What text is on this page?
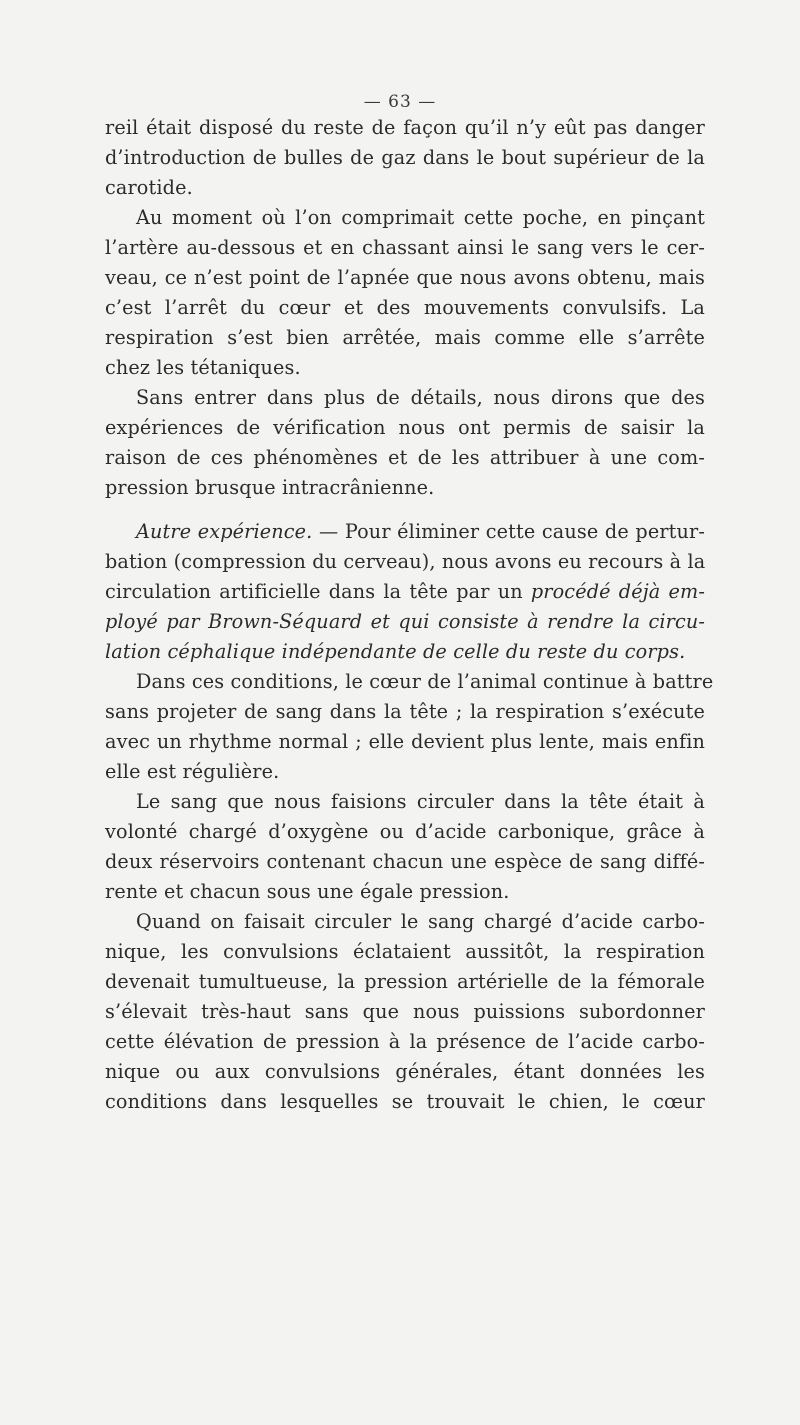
— 63 —
reil était disposé du reste de façon qu’il n’y eût pas danger
d’introduction de bulles de gaz dans le bout supérieur de la
carotide.
Au moment où l’on comprimait cette poche, en pinçant
l’artère au-dessous et en chassant ainsi le sang vers le cer-
veau, ce n’est point de l’apnée que nous avons obtenu, mais
c’est l’arrêt du cœur et des mouvements convulsifs. La
respiration s’est bien arrêtée, mais comme elle s’arrête
chez les tétaniques.
Sans entrer dans plus de détails, nous dirons que des
expériences de vérification nous ont permis de saisir la
raison de ces phénomènes et de les attribuer à une com-
pression brusque intracrânienne.
Autre expérience. — Pour éliminer cette cause de pertur-
bation (compression du cerveau), nous avons eu recours à la
circulation artificielle dans la tête par un procédé déjà em-
ployé par Brown-Séquard et qui consiste à rendre la circu-
lation céphalique indépendante de celle du reste du corps.
Dans ces conditions, le cœur de l’animal continue à battre
sans projeter de sang dans la tête ; la respiration s’exécute
avec un rhythme normal ; elle devient plus lente, mais enfin
elle est régulière.
Le sang que nous faisions circuler dans la tête était à
volonté chargé d’oxygène ou d’acide carbonique, grâce à
deux réservoirs contenant chacun une espèce de sang diffé-
rente et chacun sous une égale pression.
Quand on faisait circuler le sang chargé d’acide carbo-
nique, les convulsions éclataient aussitôt, la respiration
devenait tumultueuse, la pression artérielle de la fémorale
s’élevait très-haut sans que nous puissions subordonner
cette élévation de pression à la présence de l’acide carbo-
nique ou aux convulsions générales, étant données les
conditions dans lesquelles se trouvait le chien, le cœur
